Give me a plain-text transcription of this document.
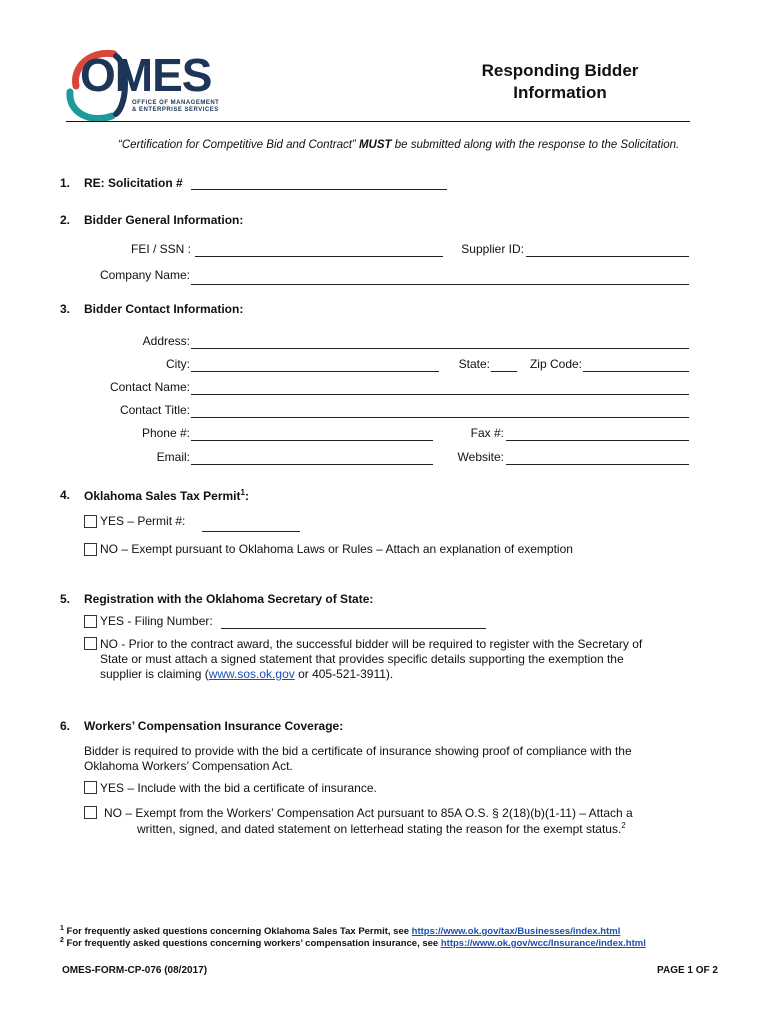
OMES
OFFICE OF MANAGEMENT
& ENTERPRISE SERVICES
Responding Bidder
Information
“Certification for Competitive Bid and Contract” MUST be submitted along with the response to the Solicitation.
1. RE: Solicitation #
2. Bidder General Information:
FEI / SSN :	Supplier ID:
Company Name:
3. Bidder Contact Information:
Address:
City:	State:	Zip Code:
Contact Name:
Contact Title:
Phone #:	Fax #:
Email:	Website:
4. Oklahoma Sales Tax Permit$^1$:
YES – Permit #:
NO – Exempt pursuant to Oklahoma Laws or Rules – Attach an explanation of exemption
5. Registration with the Oklahoma Secretary of State:
YES - Filing Number:
NO - Prior to the contract award, the successful bidder will be required to register with the Secretary of
State or must attach a signed statement that provides specific details supporting the exemption the
supplier is claiming (www.sos.ok.gov or 405-521-3911).
6. Workers’ Compensation Insurance Coverage:
Bidder is required to provide with the bid a certificate of insurance showing proof of compliance with the
Oklahoma Workers’ Compensation Act.
YES – Include with the bid a certificate of insurance.
NO – Exempt from the Workers’ Compensation Act pursuant to 85A O.S. § 2(18)(b)(1-11) – Attach a
written, signed, and dated statement on letterhead stating the reason for the exempt status.$^2$
$^1$ For frequently asked questions concerning Oklahoma Sales Tax Permit, see https://www.ok.gov/tax/Businesses/index.html
$^2$ For frequently asked questions concerning workers’ compensation insurance, see https://www.ok.gov/wcc/Insurance/index.html
OMES-FORM-CP-076 (08/2017)	PAGE 1 OF 2
